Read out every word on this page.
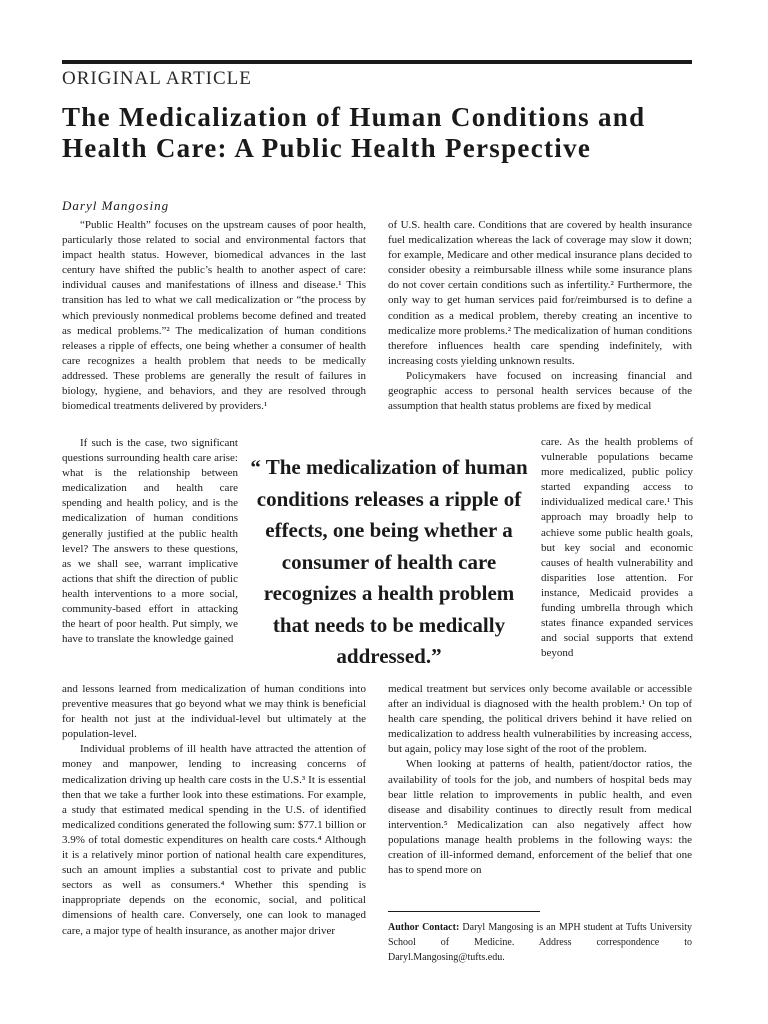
ORIGINAL ARTICLE
The Medicalization of Human Conditions and Health Care: A Public Health Perspective
Daryl Mangosing

“Public Health” focuses on the upstream causes of poor health, particularly those related to social and environmental factors that impact health status. However, biomedical advances in the last century have shifted the public’s health to another aspect of care: individual causes and manifestations of illness and disease.¹ This transition has led to what we call medicalization or “the process by which previously nonmedical problems become defined and treated as medical problems.”² The medicalization of human conditions releases a ripple of effects, one being whether a consumer of health care recognizes a health problem that needs to be medically addressed. These problems are generally the result of failures in biology, hygiene, and behaviors, and they are resolved through biomedical treatments delivered by providers.¹

If such is the case, two significant questions surrounding health care arise: what is the relationship between medicalization and health care spending and health policy, and is the medicalization of human conditions generally justified at the public health level? The answers to these questions, as we shall see, warrant implicative actions that shift the direction of public health interventions to a more social, community-based effort in attacking the heart of poor health. Put simply, we have to translate the knowledge gained

and lessons learned from medicalization of human conditions into preventive measures that go beyond what we may think is beneficial for health not just at the individual-level but ultimately at the population-level.

Individual problems of ill health have attracted the attention of money and manpower, lending to increasing concerns of medicalization driving up health care costs in the U.S.³ It is essential then that we take a further look into these estimations. For example, a study that estimated medical spending in the U.S. of identified medicalized conditions generated the following sum: $77.1 billion or 3.9% of total domestic expenditures on health care costs.⁴ Although it is a relatively minor portion of national health care expenditures, such an amount implies a substantial cost to private and public sectors as well as consumers.⁴ Whether this spending is inappropriate depends on the economic, social, and political dimensions of health care. Conversely, one can look to managed care, a major type of health insurance, as another major driver

of U.S. health care. Conditions that are covered by health insurance fuel medicalization whereas the lack of coverage may slow it down; for example, Medicare and other medical insurance plans decided to consider obesity a reimbursable illness while some insurance plans do not cover certain conditions such as infertility.² Furthermore, the only way to get human services paid for/reimbursed is to define a condition as a medical problem, thereby creating an incentive to medicalize more problems.² The medicalization of human conditions therefore influences health care spending indefinitely, with increasing costs yielding unknown results.

Policymakers have focused on increasing financial and geographic access to personal health services because of the assumption that health status problems are fixed by medical

care. As the health problems of vulnerable populations became more medicalized, public policy started expanding access to individualized medical care.¹ This approach may broadly help to achieve some public health goals, but key social and economic causes of health vulnerability and disparities lose attention. For instance, Medicaid provides a funding umbrella through which states finance expanded services and social supports that extend beyond

medical treatment but services only become available or accessible after an individual is diagnosed with the health problem.¹ On top of health care spending, the political drivers behind it have relied on medicalization to address health vulnerabilities by increasing access, but again, policy may lose sight of the root of the problem.

When looking at patterns of health, patient/doctor ratios, the availability of tools for the job, and numbers of hospital beds may bear little relation to improvements in public health, and even disease and disability continues to directly result from medical intervention.⁵ Medicalization can also negatively affect how populations manage health problems in the following ways: the creation of ill-informed demand, enforcement of the belief that one has to spend more on

“ The medicalization of human conditions releases a ripple of effects, one being whether a consumer of health care recognizes a health problem that needs to be medically addressed.”

Author Contact: Daryl Mangosing is an MPH student at Tufts University School of Medicine. Address correspondence to Daryl.Mangosing@tufts.edu.
